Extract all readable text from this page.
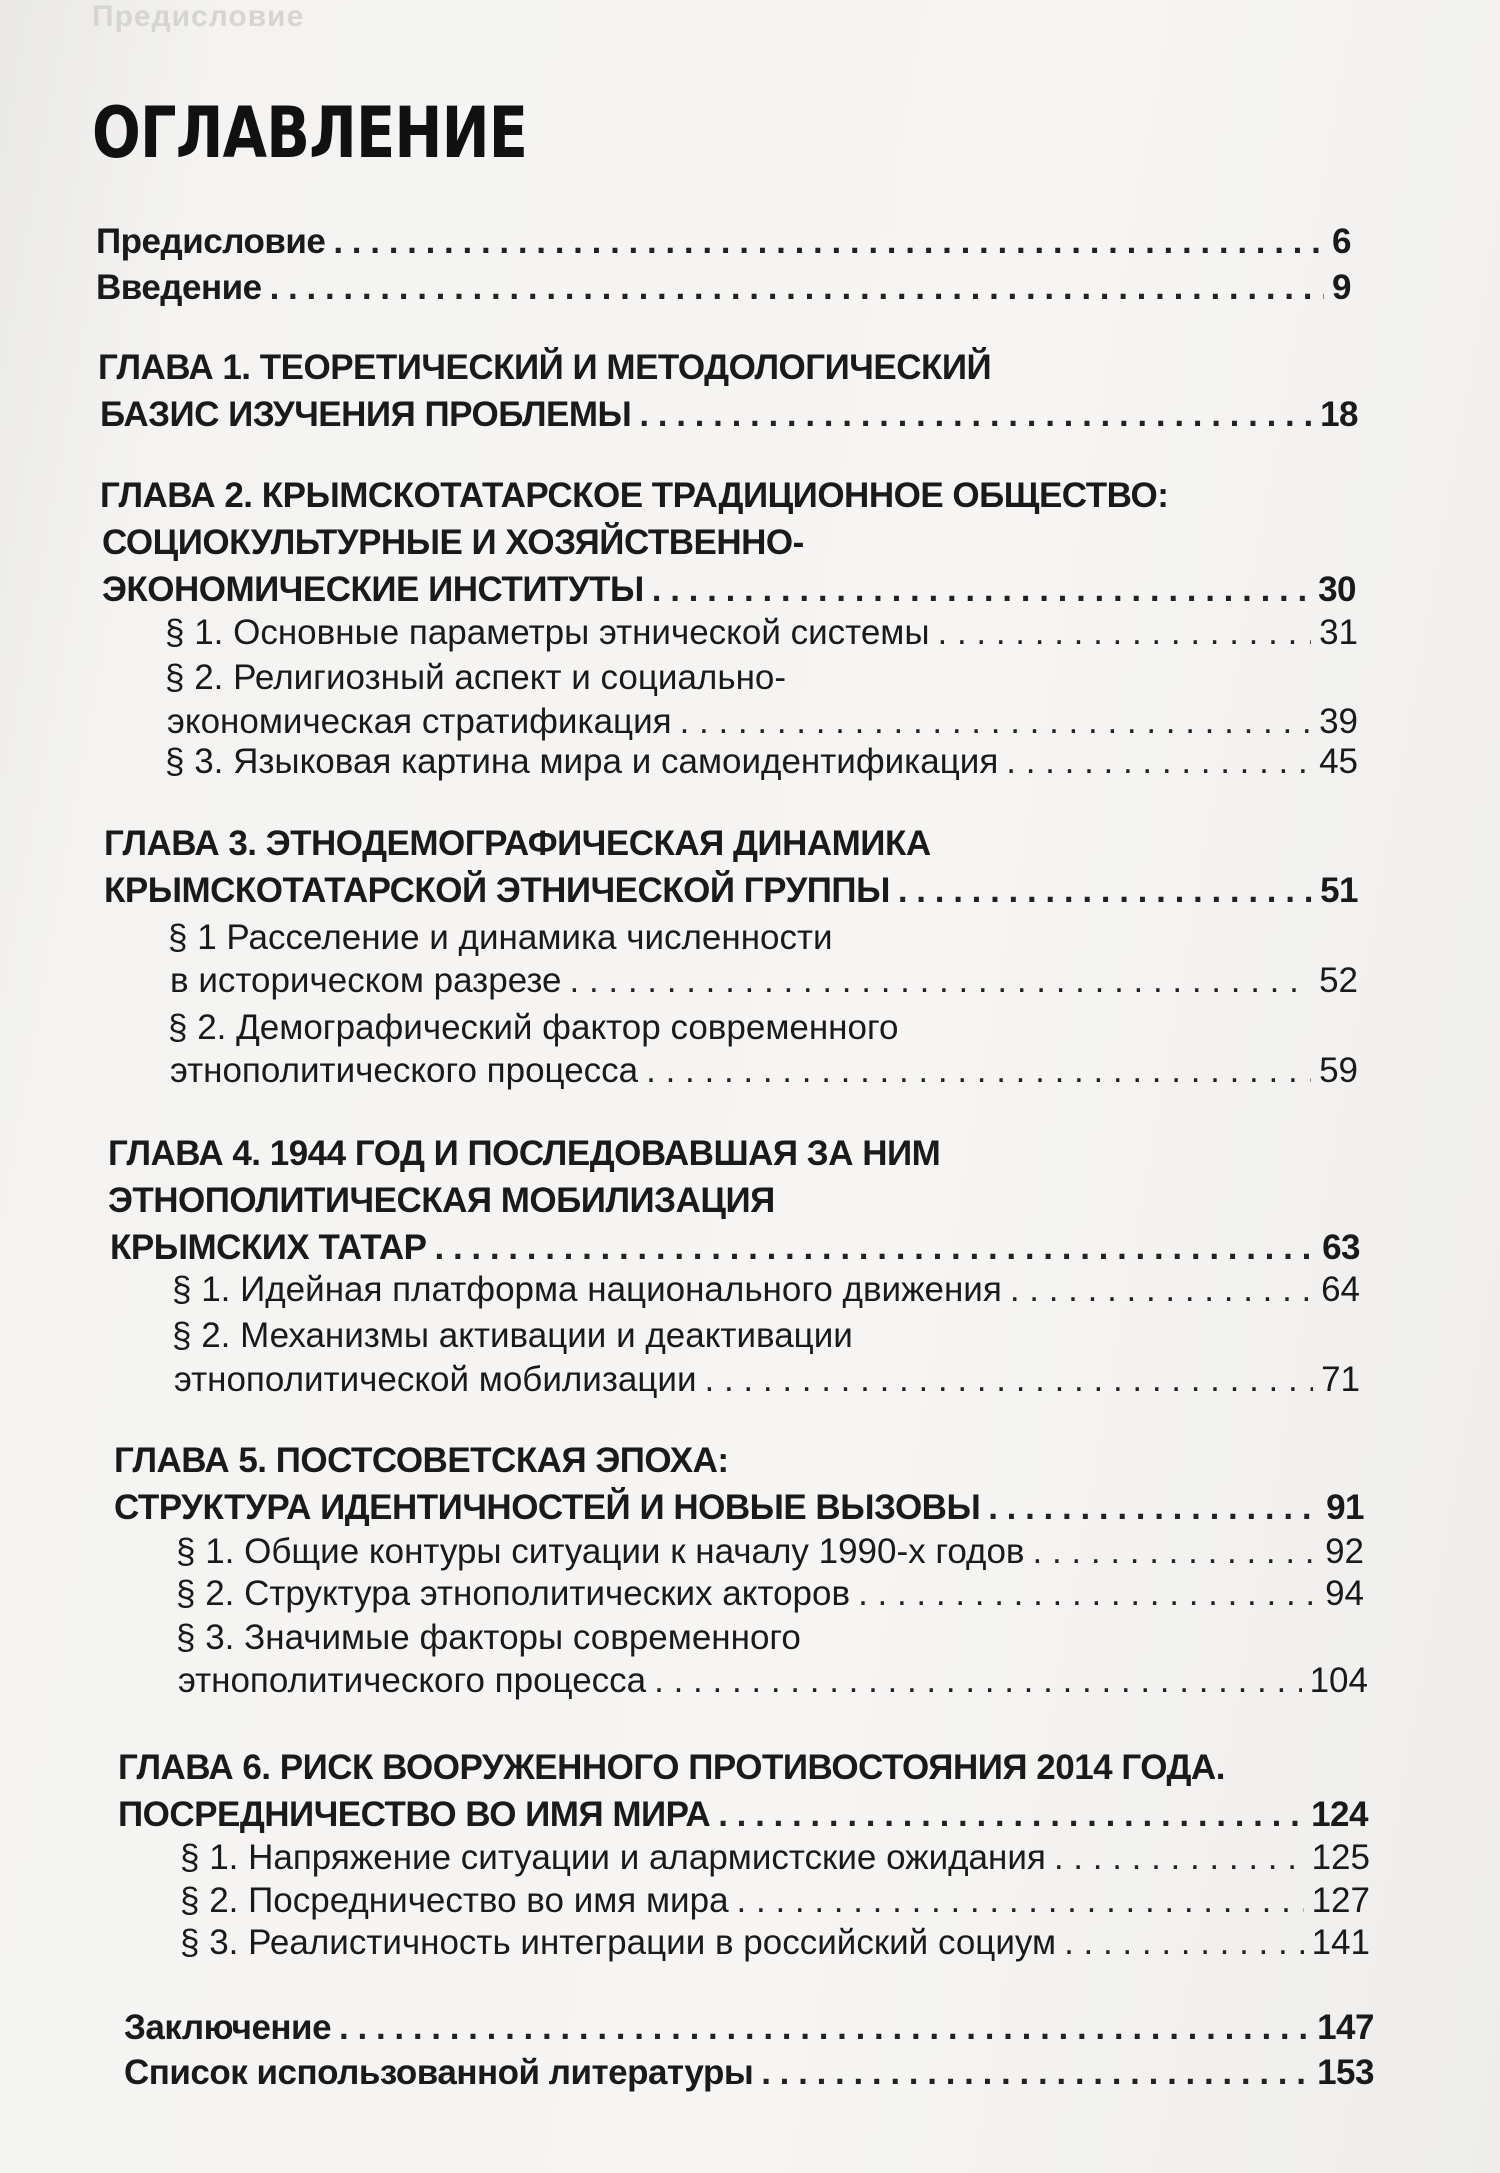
Предисловие
ОГЛАВЛЕНИЕ
Предисловие . . .	6
Введение . . .	9
ГЛАВА 1. ТЕОРЕТИЧЕСКИЙ И МЕТОДОЛОГИЧЕСКИЙ
БАЗИС ИЗУЧЕНИЯ ПРОБЛЕМЫ . . .	18
ГЛАВА 2. КРЫМСКОТАТАРСКОЕ ТРАДИЦИОННОЕ ОБЩЕСТВО:
СОЦИОКУЛЬТУРНЫЕ И ХОЗЯЙСТВЕННО-
ЭКОНОМИЧЕСКИЕ ИНСТИТУТЫ . . .	30
§ 1. Основные параметры этнической системы . . .	31
§ 2. Религиозный аспект и социально-
экономическая стратификация . . .	39
§ 3. Языковая картина мира и самоидентификация . . .	45
ГЛАВА 3. ЭТНОДЕМОГРАФИЧЕСКАЯ ДИНАМИКА
КРЫМСКОТАТАРСКОЙ ЭТНИЧЕСКОЙ ГРУППЫ . . .	51
§ 1 Расселение и динамика численности
в историческом разрезе . . .	52
§ 2. Демографический фактор современного
этнополитического процесса . . .	59
ГЛАВА 4. 1944 ГОД И ПОСЛЕДОВАВШАЯ ЗА НИМ
ЭТНОПОЛИТИЧЕСКАЯ МОБИЛИЗАЦИЯ
КРЫМСКИХ ТАТАР . . .	63
§ 1. Идейная платформа национального движения . . .	64
§ 2. Механизмы активации и деактивации
этнополитической мобилизации . . .	71
ГЛАВА 5. ПОСТСОВЕТСКАЯ ЭПОХА:
СТРУКТУРА ИДЕНТИЧНОСТЕЙ И НОВЫЕ ВЫЗОВЫ . . .	91
§ 1. Общие контуры ситуации к началу 1990-х годов . . .	92
§ 2. Структура этнополитических акторов . . .	94
§ 3. Значимые факторы современного
этнополитического процесса . . .	104
ГЛАВА 6. РИСК ВООРУЖЕННОГО ПРОТИВОСТОЯНИЯ 2014 ГОДА.
ПОСРЕДНИЧЕСТВО ВО ИМЯ МИРА . . .	124
§ 1. Напряжение ситуации и алармистские ожидания . . .	125
§ 2. Посредничество во имя мира . . .	127
§ 3. Реалистичность интеграции в российский социум . . .	141
Заключение . . .	147
Список использованной литературы . . .	153
